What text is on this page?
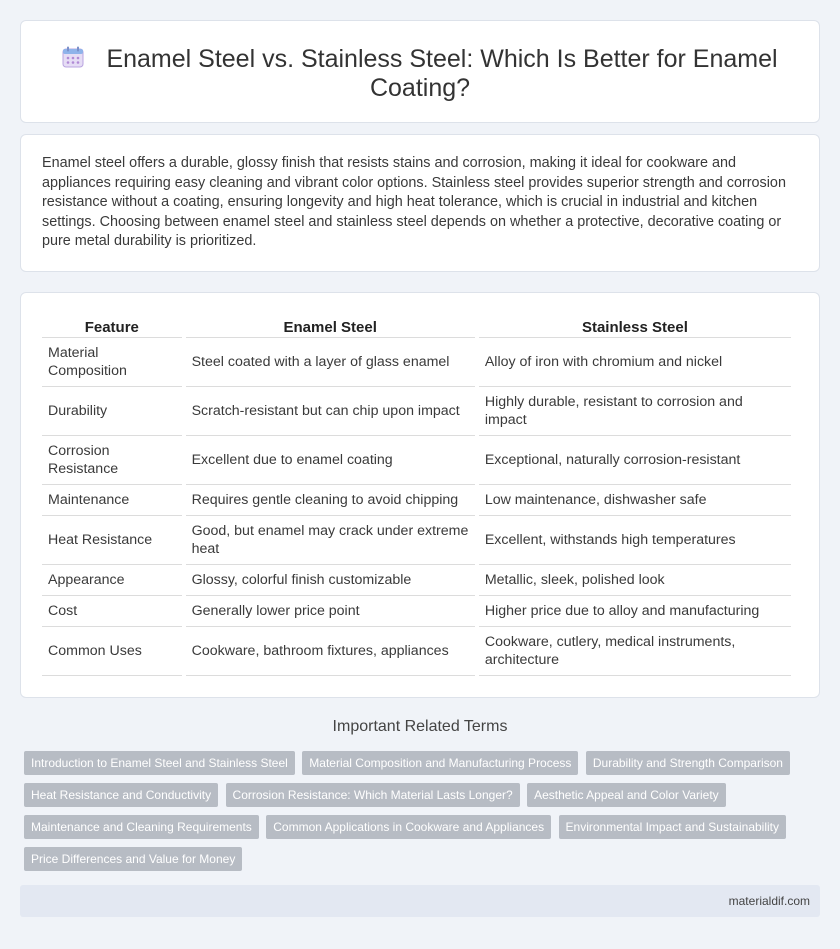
Enamel Steel vs. Stainless Steel: Which Is Better for Enamel Coating?

Enamel steel offers a durable, glossy finish that resists stains and corrosion, making it ideal for cookware and appliances requiring easy cleaning and vibrant color options. Stainless steel provides superior strength and corrosion resistance without a coating, ensuring longevity and high heat tolerance, which is crucial in industrial and kitchen settings. Choosing between enamel steel and stainless steel depends on whether a protective, decorative coating or pure metal durability is prioritized.

Feature	Enamel Steel	Stainless Steel
Material Composition	Steel coated with a layer of glass enamel	Alloy of iron with chromium and nickel
Durability	Scratch-resistant but can chip upon impact	Highly durable, resistant to corrosion and impact
Corrosion Resistance	Excellent due to enamel coating	Exceptional, naturally corrosion-resistant
Maintenance	Requires gentle cleaning to avoid chipping	Low maintenance, dishwasher safe
Heat Resistance	Good, but enamel may crack under extreme heat	Excellent, withstands high temperatures
Appearance	Glossy, colorful finish customizable	Metallic, sleek, polished look
Cost	Generally lower price point	Higher price due to alloy and manufacturing
Common Uses	Cookware, bathroom fixtures, appliances	Cookware, cutlery, medical instruments, architecture
Important Related Terms
Introduction to Enamel Steel and Stainless Steel Material Composition and Manufacturing Process Durability and Strength Comparison Heat Resistance and Conductivity Corrosion Resistance: Which Material Lasts Longer? Aesthetic Appeal and Color Variety Maintenance and Cleaning Requirements Common Applications in Cookware and Appliances Environmental Impact and Sustainability Price Differences and Value for Money
materialdif.com
